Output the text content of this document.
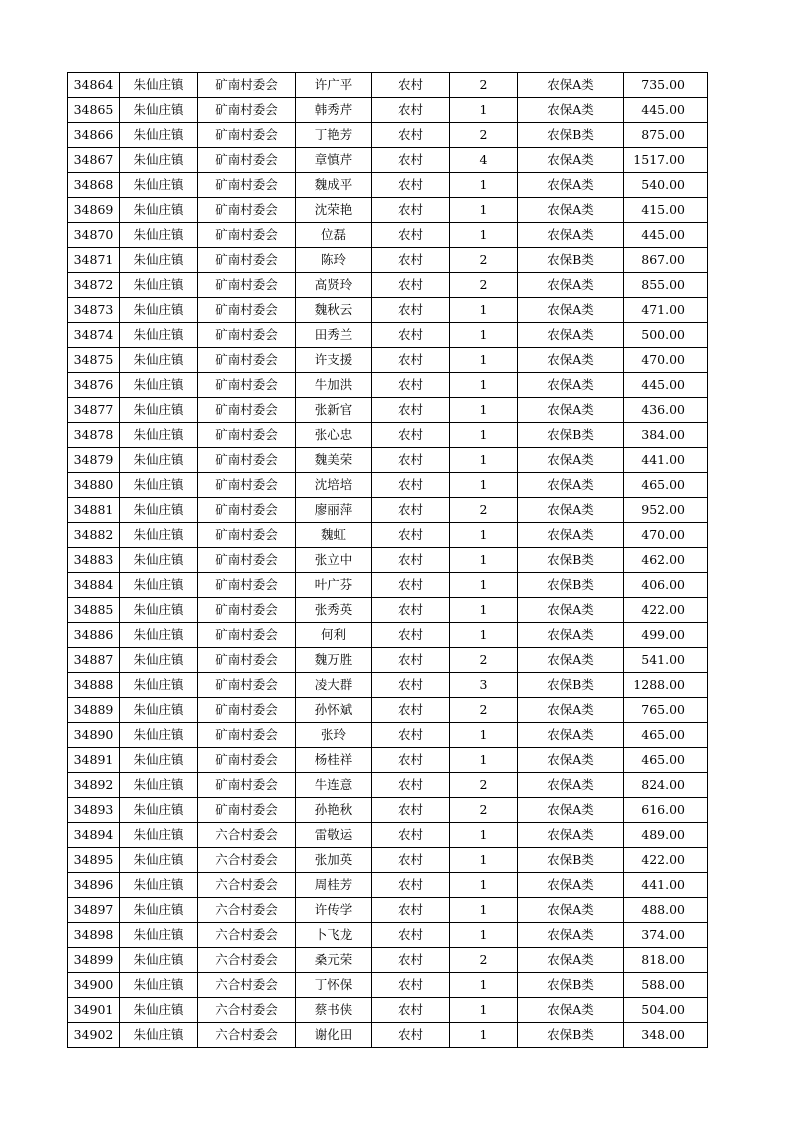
34864	朱仙庄镇	矿南村委会	许广平	农村	2	农保A类	735.00
34865	朱仙庄镇	矿南村委会	韩秀芹	农村	1	农保A类	445.00
34866	朱仙庄镇	矿南村委会	丁艳芳	农村	2	农保B类	875.00
34867	朱仙庄镇	矿南村委会	章慎芹	农村	4	农保A类	1517.00
34868	朱仙庄镇	矿南村委会	魏成平	农村	1	农保A类	540.00
34869	朱仙庄镇	矿南村委会	沈荣艳	农村	1	农保A类	415.00
34870	朱仙庄镇	矿南村委会	位磊	农村	1	农保A类	445.00
34871	朱仙庄镇	矿南村委会	陈玲	农村	2	农保B类	867.00
34872	朱仙庄镇	矿南村委会	高贤玲	农村	2	农保A类	855.00
34873	朱仙庄镇	矿南村委会	魏秋云	农村	1	农保A类	471.00
34874	朱仙庄镇	矿南村委会	田秀兰	农村	1	农保A类	500.00
34875	朱仙庄镇	矿南村委会	许支援	农村	1	农保A类	470.00
34876	朱仙庄镇	矿南村委会	牛加洪	农村	1	农保A类	445.00
34877	朱仙庄镇	矿南村委会	张新官	农村	1	农保A类	436.00
34878	朱仙庄镇	矿南村委会	张心忠	农村	1	农保B类	384.00
34879	朱仙庄镇	矿南村委会	魏美荣	农村	1	农保A类	441.00
34880	朱仙庄镇	矿南村委会	沈培培	农村	1	农保A类	465.00
34881	朱仙庄镇	矿南村委会	廖丽萍	农村	2	农保A类	952.00
34882	朱仙庄镇	矿南村委会	魏虹	农村	1	农保A类	470.00
34883	朱仙庄镇	矿南村委会	张立中	农村	1	农保B类	462.00
34884	朱仙庄镇	矿南村委会	叶广芬	农村	1	农保B类	406.00
34885	朱仙庄镇	矿南村委会	张秀英	农村	1	农保A类	422.00
34886	朱仙庄镇	矿南村委会	何利	农村	1	农保A类	499.00
34887	朱仙庄镇	矿南村委会	魏万胜	农村	2	农保A类	541.00
34888	朱仙庄镇	矿南村委会	凌大群	农村	3	农保B类	1288.00
34889	朱仙庄镇	矿南村委会	孙怀斌	农村	2	农保A类	765.00
34890	朱仙庄镇	矿南村委会	张玲	农村	1	农保A类	465.00
34891	朱仙庄镇	矿南村委会	杨桂祥	农村	1	农保A类	465.00
34892	朱仙庄镇	矿南村委会	牛连意	农村	2	农保A类	824.00
34893	朱仙庄镇	矿南村委会	孙艳秋	农村	2	农保A类	616.00
34894	朱仙庄镇	六合村委会	雷敬运	农村	1	农保A类	489.00
34895	朱仙庄镇	六合村委会	张加英	农村	1	农保B类	422.00
34896	朱仙庄镇	六合村委会	周桂芳	农村	1	农保A类	441.00
34897	朱仙庄镇	六合村委会	许传学	农村	1	农保A类	488.00
34898	朱仙庄镇	六合村委会	卜飞龙	农村	1	农保A类	374.00
34899	朱仙庄镇	六合村委会	桑元荣	农村	2	农保A类	818.00
34900	朱仙庄镇	六合村委会	丁怀保	农村	1	农保B类	588.00
34901	朱仙庄镇	六合村委会	蔡书侠	农村	1	农保A类	504.00
34902	朱仙庄镇	六合村委会	谢化田	农村	1	农保B类	348.00
